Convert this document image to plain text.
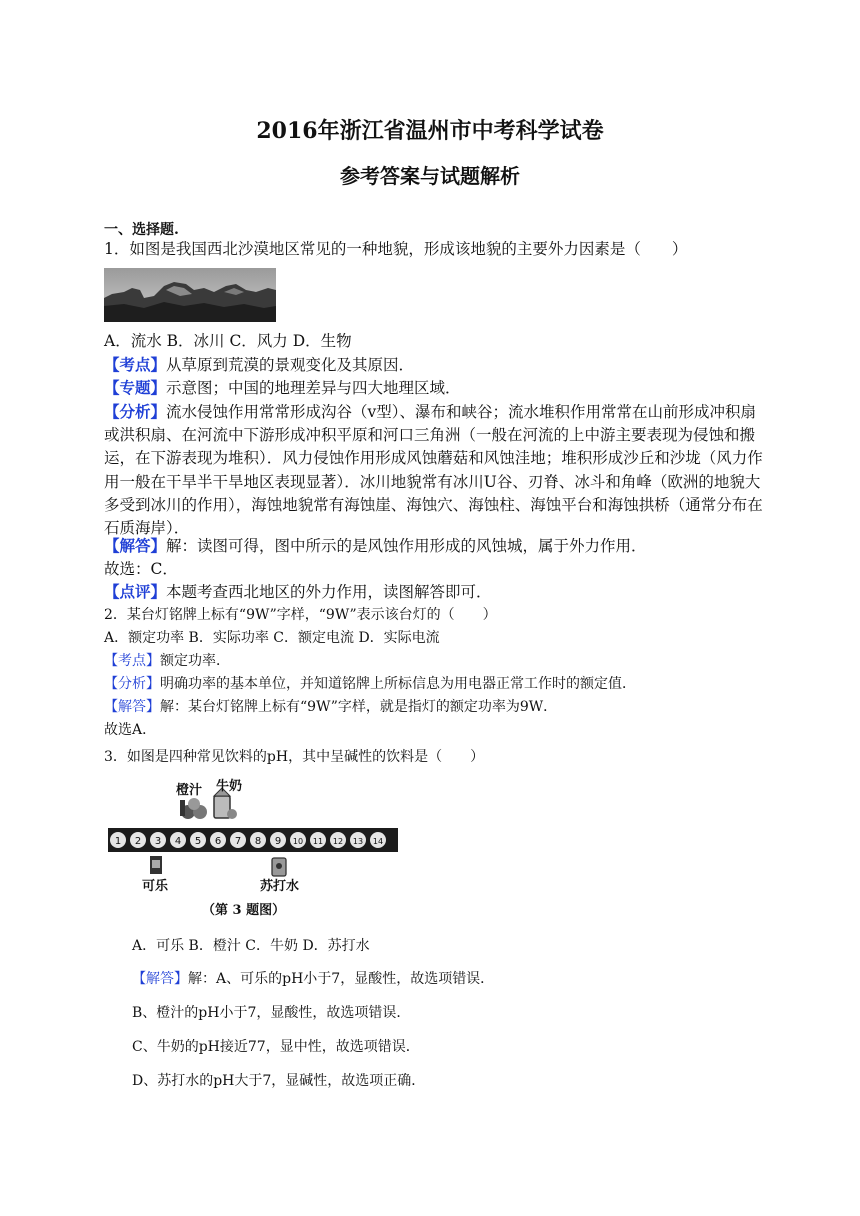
2016年浙江省温州市中考科学试卷
参考答案与试题解析
一、选择题.
1．如图是我国西北沙漠地区常见的一种地貌，形成该地貌的主要外力因素是（　　）
A．流水 B．冰川 C．风力 D．生物
【考点】从草原到荒漠的景观变化及其原因．
【专题】示意图；中国的地理差异与四大地理区域．
【分析】流水侵蚀作用常常形成沟谷（v型）、瀑布和峡谷；流水堆积作用常常在山前形成冲积扇或洪积扇、在河流中下游形成冲积平原和河口三角洲（一般在河流的上中游主要表现为侵蚀和搬运，在下游表现为堆积）．风力侵蚀作用形成风蚀蘑菇和风蚀洼地；堆积形成沙丘和沙垅（风力作用一般在干旱半干旱地区表现显著）．冰川地貌常有冰川U谷、刃脊、冰斗和角峰（欧洲的地貌大多受到冰川的作用），海蚀地貌常有海蚀崖、海蚀穴、海蚀柱、海蚀平台和海蚀拱桥（通常分布在石质海岸）．
【解答】解：读图可得，图中所示的是风蚀作用形成的风蚀城，属于外力作用．
故选：C．
【点评】本题考查西北地区的外力作用，读图解答即可．
2．某台灯铭牌上标有“9W”字样，“9W”表示该台灯的（　　）
A．额定功率 B．实际功率 C．额定电流 D．实际电流
【考点】额定功率．
【分析】明确功率的基本单位，并知道铭牌上所标信息为用电器正常工作时的额定值．
【解答】解：某台灯铭牌上标有“9W”字样，就是指灯的额定功率为9W．
故选A．
3．如图是四种常见饮料的pH，其中呈碱性的饮料是（　　）
橙汁 牛奶
1 2 3 4 5 6 7 8 9 10 11 12 13 14
可乐	苏打水
（第 3 题图）
A．可乐 B．橙汁 C．牛奶 D．苏打水
【解答】解：A、可乐的pH小于7，显酸性，故选项错误．
B、橙汁的pH小于7，显酸性，故选项错误．
C、牛奶的pH接近77，显中性，故选项错误．
D、苏打水的pH大于7，显碱性，故选项正确．
